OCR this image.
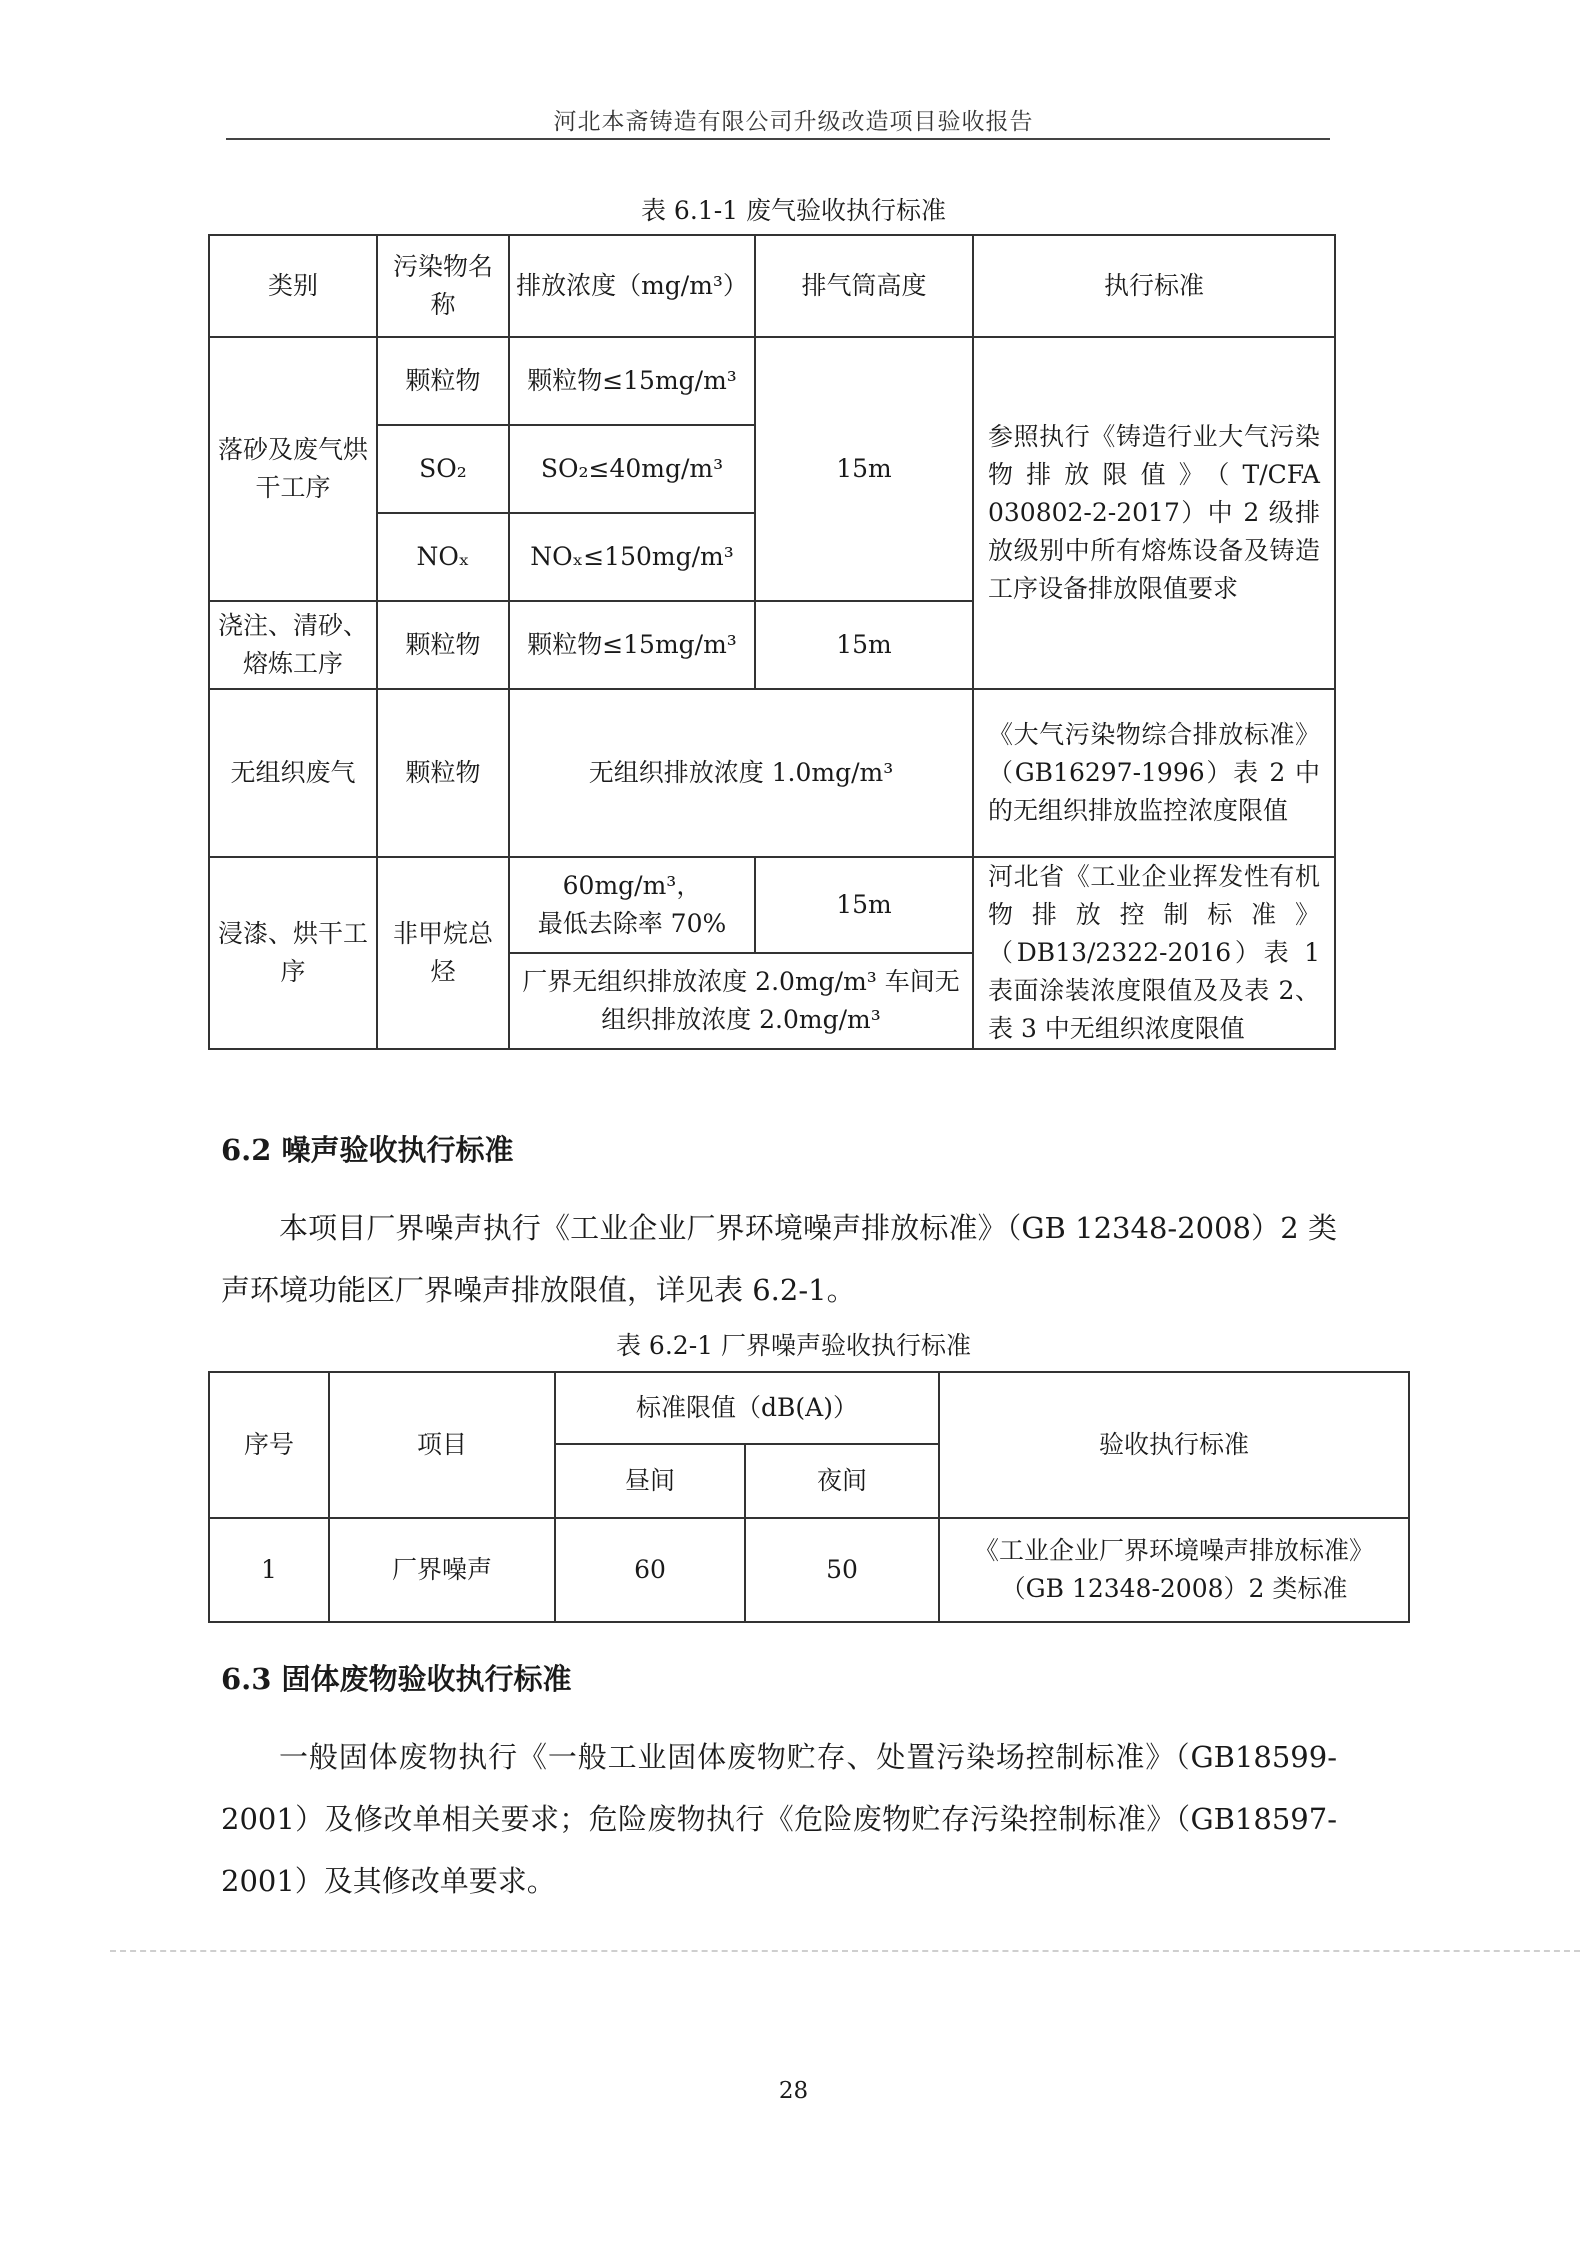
河北本斋铸造有限公司升级改造项目验收报告
表 6.1-1 废气验收执行标准
类别	污染物名称	排放浓度（mg/m³）	排气筒高度	执行标准
落砂及废气烘干工序	颗粒物	颗粒物≤15mg/m³	15m	参照执行《铸造行业大气污染物排放限值》（T/CFA 030802-2-2017）中 2 级排放级别中所有熔炼设备及铸造工序设备排放限值要求
	SO₂	SO₂≤40mg/m³		
	NOₓ	NOₓ≤150mg/m³		
浇注、清砂、熔炼工序	颗粒物	颗粒物≤15mg/m³	15m	
无组织废气	颗粒物	无组织排放浓度 1.0mg/m³		《大气污染物综合排放标准》（GB16297-1996）表 2 中的无组织排放监控浓度限值
浸漆、烘干工序	非甲烷总烃	60mg/m³，
最低去除率 70%	15m	河北省《工业企业挥发性有机物排放控制标准》（DB13/2322-2016）表 1 表面涂装浓度限值及及表 2、表 3 中无组织浓度限值
		厂界无组织排放浓度 2.0mg/m³ 车间无组织排放浓度 2.0mg/m³		
6.2 噪声验收执行标准
本项目厂界噪声执行《工业企业厂界环境噪声排放标准》（GB 12348-2008）2 类声环境功能区厂界噪声排放限值，详见表 6.2-1。
表 6.2-1 厂界噪声验收执行标准
序号	项目	标准限值（dB(A)）		验收执行标准
		昼间	夜间	
1	厂界噪声	60	50	《工业企业厂界环境噪声排放标准》
（GB 12348-2008）2 类标准
6.3 固体废物验收执行标准
一般固体废物执行《一般工业固体废物贮存、处置污染场控制标准》（GB18599-2001）及修改单相关要求；危险废物执行《危险废物贮存污染控制标准》（GB18597-2001）及其修改单要求。
28
